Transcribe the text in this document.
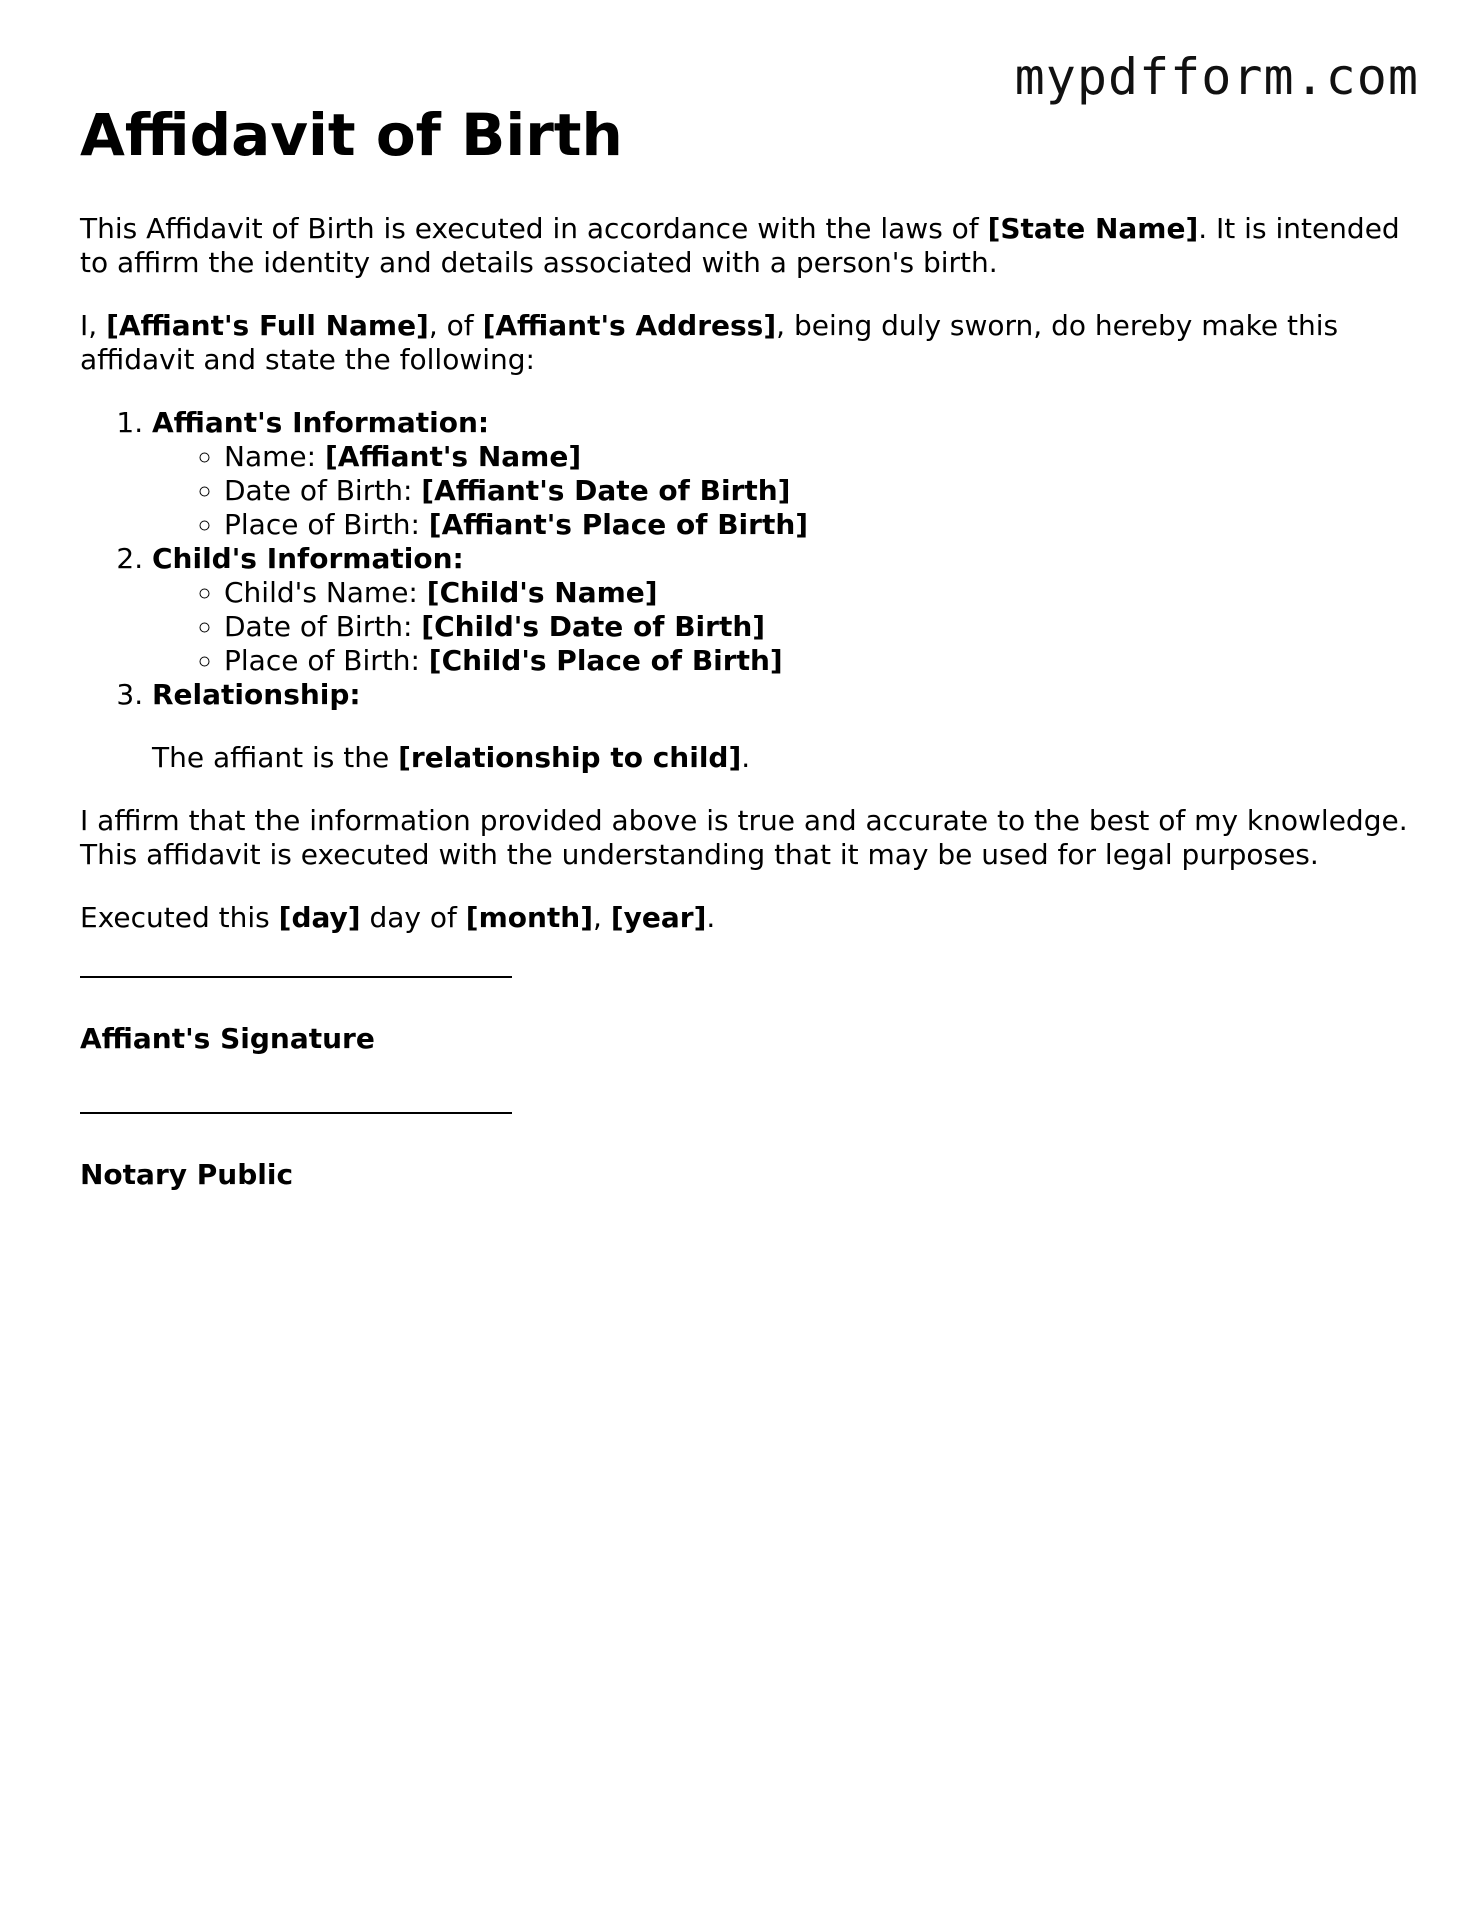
mypdfform.com
Affidavit of Birth

This Affidavit of Birth is executed in accordance with the laws of [State Name]. It is intended to affirm the identity and details associated with a person's birth.

I, [Affiant's Full Name], of [Affiant's Address], being duly sworn, do hereby make this affidavit and state the following:

1. Affiant's Information:
◦ Name: [Affiant's Name]
◦ Date of Birth: [Affiant's Date of Birth]
◦ Place of Birth: [Affiant's Place of Birth]
2. Child's Information:
◦ Child's Name: [Child's Name]
◦ Date of Birth: [Child's Date of Birth]
◦ Place of Birth: [Child's Place of Birth]
3. Relationship:

The affiant is the [relationship to child].

I affirm that the information provided above is true and accurate to the best of my knowledge. This affidavit is executed with the understanding that it may be used for legal purposes.

Executed this [day] day of [month], [year].

Affiant's Signature
Notary Public
